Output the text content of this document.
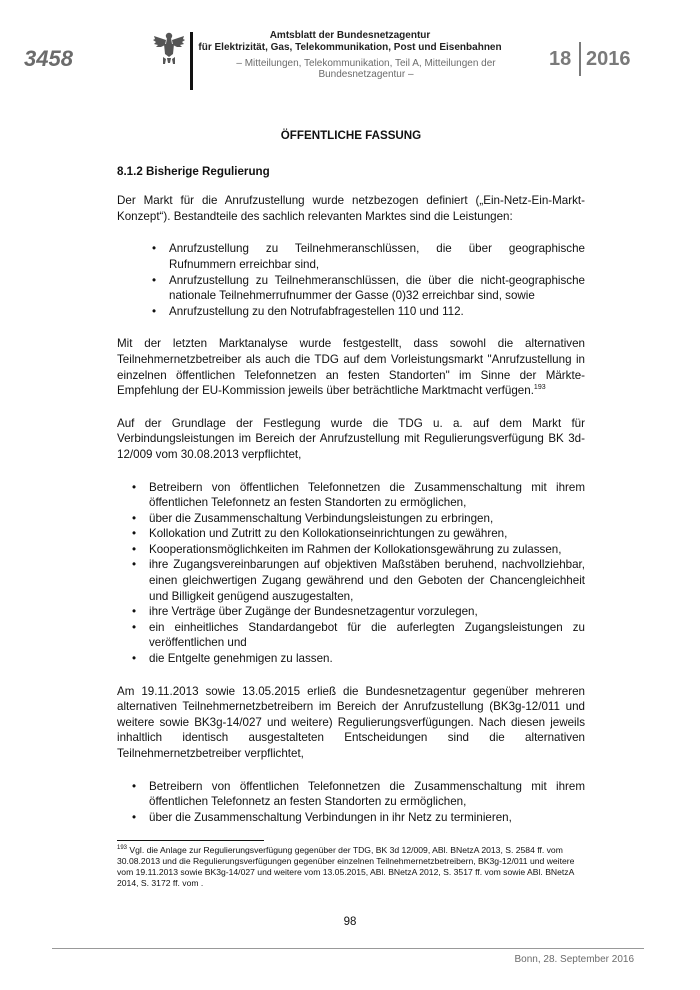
3458
Amtsblatt der Bundesnetzagentur
für Elektrizität, Gas, Telekommunikation, Post und Eisenbahnen
– Mitteilungen, Telekommunikation, Teil A, Mitteilungen der Bundesnetzagentur –
18 2016

ÖFFENTLICHE FASSUNG

8.1.2 Bisherige Regulierung

Der Markt für die Anrufzustellung wurde netzbezogen definiert („Ein-Netz-Ein-Markt-Konzept“). Bestandteile des sachlich relevanten Marktes sind die Leistungen:

• Anrufzustellung zu Teilnehmeranschlüssen, die über geographische Rufnummern erreichbar sind,
• Anrufzustellung zu Teilnehmeranschlüssen, die über die nicht-geographische nationale Teilnehmerrufnummer der Gasse (0)32 erreichbar sind, sowie
• Anrufzustellung zu den Notrufabfragestellen 110 und 112.

Mit der letzten Marktanalyse wurde festgestellt, dass sowohl die alternativen Teilnehmernetzbetreiber als auch die TDG auf dem Vorleistungsmarkt "Anrufzustellung in einzelnen öffentlichen Telefonnetzen an festen Standorten" im Sinne der Märkte-Empfehlung der EU-Kommission jeweils über beträchtliche Marktmacht verfügen.$^{193}$

Auf der Grundlage der Festlegung wurde die TDG u. a. auf dem Markt für Verbindungsleistungen im Bereich der Anrufzustellung mit Regulierungsverfügung BK 3d-12/009 vom 30.08.2013 verpflichtet,

• Betreibern von öffentlichen Telefonnetzen die Zusammenschaltung mit ihrem öffentlichen Telefonnetz an festen Standorten zu ermöglichen,
• über die Zusammenschaltung Verbindungsleistungen zu erbringen,
• Kollokation und Zutritt zu den Kollokationseinrichtungen zu gewähren,
• Kooperationsmöglichkeiten im Rahmen der Kollokationsgewährung zu zulassen,
• ihre Zugangsvereinbarungen auf objektiven Maßstäben beruhend, nachvollziehbar, einen gleichwertigen Zugang gewährend und den Geboten der Chancengleichheit und Billigkeit genügend auszugestalten,
• ihre Verträge über Zugänge der Bundesnetzagentur vorzulegen,
• ein einheitliches Standardangebot für die auferlegten Zugangsleistungen zu veröffentlichen und
• die Entgelte genehmigen zu lassen.

Am 19.11.2013 sowie 13.05.2015 erließ die Bundesnetzagentur gegenüber mehreren alternativen Teilnehmernetzbetreibern im Bereich der Anrufzustellung (BK3g-12/011 und weitere sowie BK3g-14/027 und weitere) Regulierungsverfügungen. Nach diesen jeweils inhaltlich identisch ausgestalteten Entscheidungen sind die alternativen Teilnehmernetzbetreiber verpflichtet,

• Betreibern von öffentlichen Telefonnetzen die Zusammenschaltung mit ihrem öffentlichen Telefonnetz an festen Standorten zu ermöglichen,
• über die Zusammenschaltung Verbindungen in ihr Netz zu terminieren,
$^{193}$ Vgl. die Anlage zur Regulierungsverfügung gegenüber der TDG, BK 3d 12/009, ABl. BNetzA 2013, S. 2584 ff. vom 30.08.2013 und die Regulierungsverfügungen gegenüber einzelnen Teilnehmernetzbetreibern, BK3g-12/011 und weitere vom 19.11.2013 sowie BK3g-14/027 und weitere vom 13.05.2015, ABl. BNetzA 2012, S. 3517 ff. vom sowie ABl. BNetzA 2014, S. 3172 ff. vom .
98
Bonn, 28. September 2016
